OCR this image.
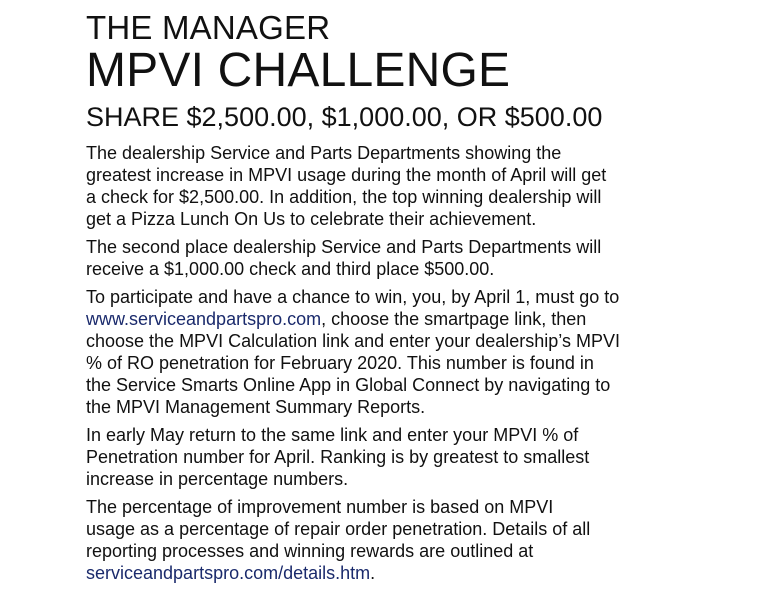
THE MANAGER
MPVI CHALLENGE
SHARE $2,500.00, $1,000.00, OR $500.00

The dealership Service and Parts Departments showing the
greatest increase in MPVI usage during the month of April will get
a check for $2,500.00. In addition, the top winning dealership will
get a Pizza Lunch On Us to celebrate their achievement.

The second place dealership Service and Parts Departments will
receive a $1,000.00 check and third place $500.00.

To participate and have a chance to win, you, by April 1, must go to
www.serviceandpartspro.com, choose the smartpage link, then
choose the MPVI Calculation link and enter your dealership’s MPVI
% of RO penetration for February 2020. This number is found in
the Service Smarts Online App in Global Connect by navigating to
the MPVI Management Summary Reports.

In early May return to the same link and enter your MPVI % of
Penetration number for April. Ranking is by greatest to smallest
increase in percentage numbers.

The percentage of improvement number is based on MPVI
usage as a percentage of repair order penetration. Details of all
reporting processes and winning rewards are outlined at
serviceandpartspro.com/details.htm.
